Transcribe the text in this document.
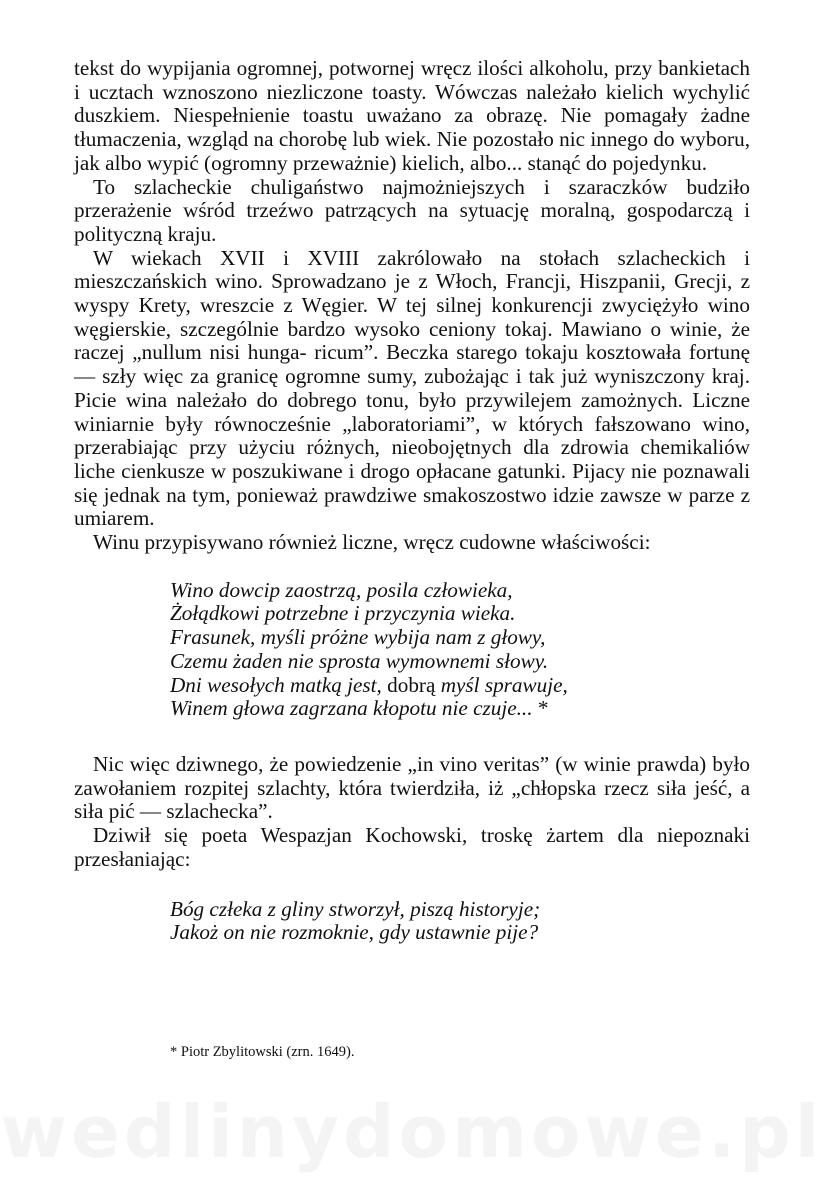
tekst do wypijania ogromnej, potwornej wręcz ilości alkoholu, przy bankietach i ucztach wznoszono niezliczone toasty. Wówczas należało kielich wychylić duszkiem. Niespełnienie toastu uważano za obrazę. Nie pomagały żadne tłumaczenia, wzgląd na chorobę lub wiek. Nie pozostało nic innego do wyboru, jak albo wypić (ogromny przeważnie) kielich, albo... stanąć do pojedynku.

To szlacheckie chuligaństwo najmożniejszych i szaraczków budziło przerażenie wśród trzeźwo patrzących na sytuację moralną, gospodarczą i polityczną kraju.

W wiekach XVII i XVIII zakrólowało na stołach szlacheckich i mieszczańskich wino. Sprowadzano je z Włoch, Francji, Hiszpanii, Grecji, z wyspy Krety, wreszcie z Węgier. W tej silnej konkurencji zwyciężyło wino węgierskie, szczególnie bardzo wysoko ceniony tokaj. Mawiano o winie, że raczej „nullum nisi hunga- ricum”. Beczka starego tokaju kosztowała fortunę — szły więc za granicę ogromne sumy, zubożając i tak już wyniszczony kraj. Picie wina należało do dobrego tonu, było przywilejem zamożnych. Liczne winiarnie były równocześnie „laboratoriami”, w których fałszowano wino, przerabiając przy użyciu różnych, nieobojętnych dla zdrowia chemikaliów liche cienkusze w poszukiwane i drogo opłacane gatunki. Pijacy nie poznawali się jednak na tym, ponieważ prawdziwe smakoszostwo idzie zawsze w parze z umiarem.

Winu przypisywano również liczne, wręcz cudowne właściwości:

Wino dowcip zaostrzą, posila człowieka,
Żołądkowi potrzebne i przyczynia wieka.
Frasunek, myśli próżne wybija nam z głowy,
Czemu żaden nie sprosta wymownemi słowy.
Dni wesołych matką jest, dobrą myśl sprawuje,
Winem głowa zagrzana kłopotu nie czuje... *

Nic więc dziwnego, że powiedzenie „in vino veritas” (w winie prawda) było zawołaniem rozpitej szlachty, która twierdziła, iż „chłopska rzecz siła jeść, a siła pić — szlachecka”.

Dziwił się poeta Wespazjan Kochowski, troskę żartem dla niepoznaki przesłaniając:

Bóg człeka z gliny stworzył, piszą historyje;
Jakoż on nie rozmoknie, gdy ustawnie pije?

* Piotr Zbylitowski (zrn. 1649).

wedlinydomowe.pl
